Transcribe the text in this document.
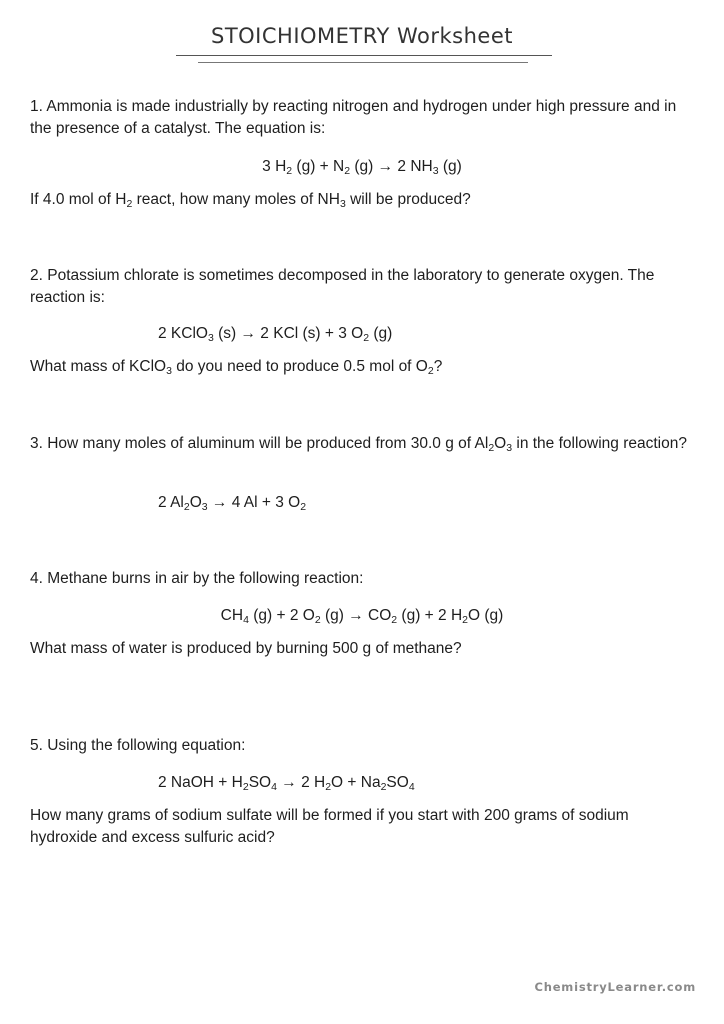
STOICHIOMETRY Worksheet
1. Ammonia is made industrially by reacting nitrogen and hydrogen under high pressure and in the presence of a catalyst. The equation is:
3 $H_2$ $(g) + N_2$ (g) → 2 $NH_3$ (g)
If 4.0 mol of $H_2$ react, how many moles of $NH_3$ will be produced?
2. Potassium chlorate is sometimes decomposed in the laboratory to generate oxygen. The reaction is:
2 KClO$_3$ (s) → 2 KCl (s) + 3 $O_2$ (g)
What mass of KClO$_3$ do you need to produce 0.5 mol of $O_2$?
3. How many moles of aluminum will be produced from 30.0 g of $Al_2O_3$ in the following reaction?
2 $Al_2O_3 \to 4$ Al + 3 $O_2$
4. Methane burns in air by the following reaction:
$CH_4$ (g) + 2 $O_2$ $(g) \to CO_2$ (g) + 2 $H_2O$ (g)
What mass of water is produced by burning 500 g of methane?
5. Using the following equation:
2 NaOH + $H_2SO_4 \to 2$ $H_2O + Na_2SO_4$
How many grams of sodium sulfate will be formed if you start with 200 grams of sodium hydroxide and excess sulfuric acid?
ChemistryLearner.com
